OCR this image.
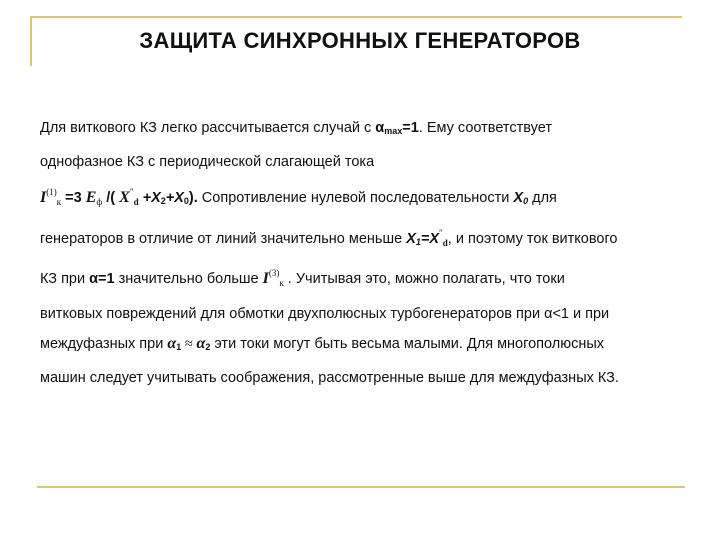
ЗАЩИТА СИНХРОННЫХ ГЕНЕРАТОРОВ
Для виткового КЗ легко рассчитывается случай с αmax=1. Ему соответствует
однофазное КЗ с периодической слагающей тока
$I^{(1)}_к =3$ $E_ф$ /( $X''_d +X2+X0$). Сопротивление нулевой последовательности X0 для
генераторов в отличие от линий значительно меньше $X1=X''_d$, и поэтому ток виткового
КЗ при α=1 значительно больше $I^{(3)}_к$ . Учитывая это, можно полагать, что токи
витковых повреждений для обмотки двухполюсных турбогенераторов при α<1 и при
междуфазных при α1 ≈ α2 эти токи могут быть весьма малыми. Для многополюсных
машин следует учитывать соображения, рассмотренные выше для междуфазных КЗ.
